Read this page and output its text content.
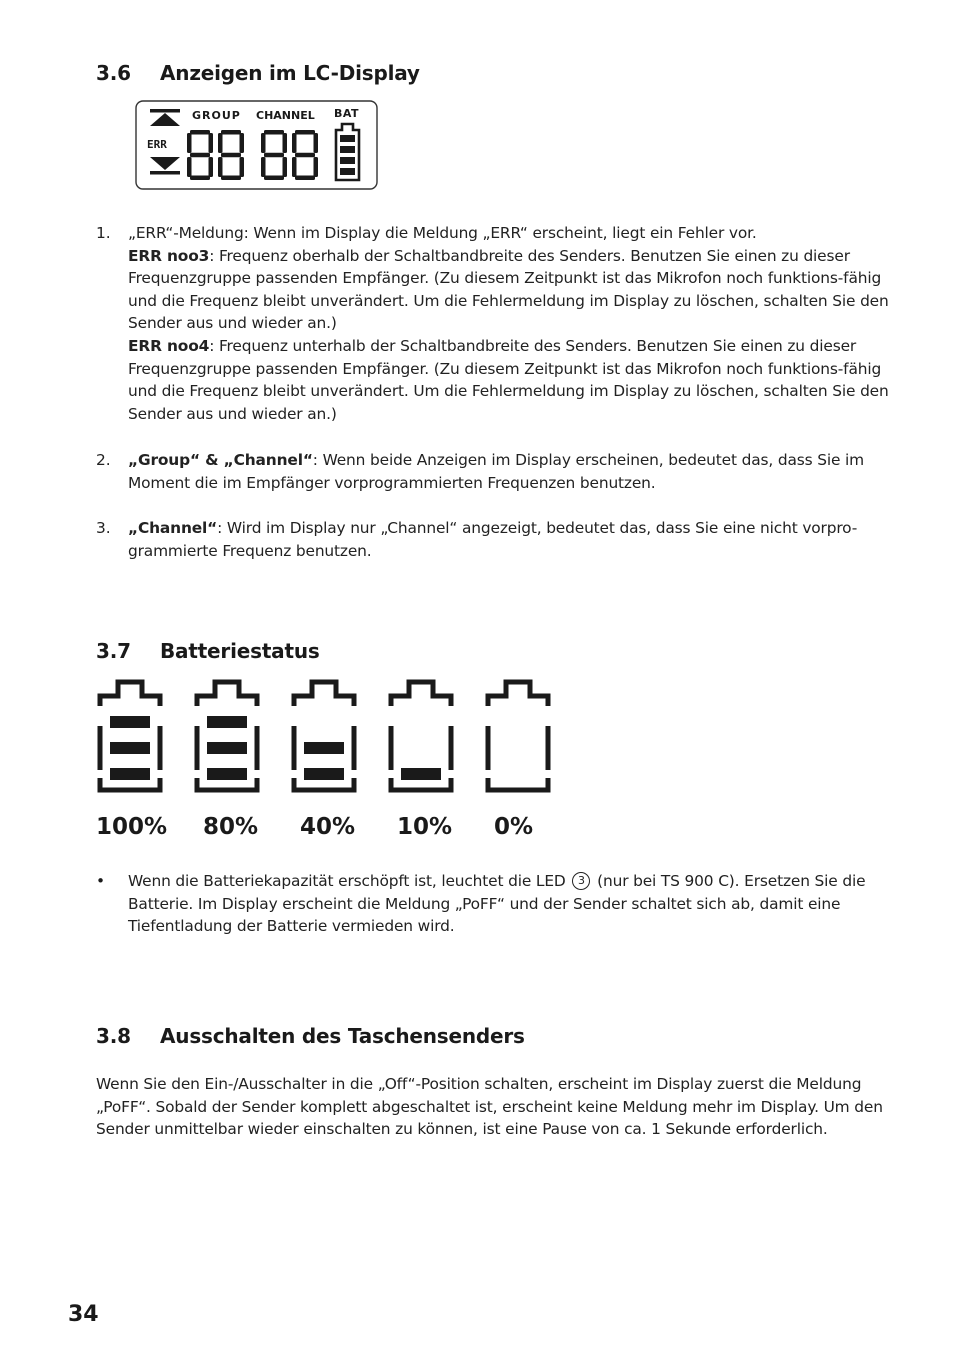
3.6 Anzeigen im LC-Display
ERR
GROUP CHANNEL BAT
1. „ERR“-Meldung: Wenn im Display die Meldung „ERR“ erscheint, liegt ein Fehler vor.

ERR noo3: Frequenz oberhalb der Schaltbandbreite des Senders. Benutzen Sie einen zu dieser Frequenzgruppe passenden Empfänger. (Zu diesem Zeitpunkt ist das Mikrofon noch funktions-fähig und die Frequenz bleibt unverändert. Um die Fehlermeldung im Display zu löschen, schalten Sie den Sender aus und wieder an.)

ERR noo4: Frequenz unterhalb der Schaltbandbreite des Senders. Benutzen Sie einen zu dieser Frequenzgruppe passenden Empfänger. (Zu diesem Zeitpunkt ist das Mikrofon noch funktions-fähig und die Frequenz bleibt unverändert. Um die Fehlermeldung im Display zu löschen, schalten Sie den Sender aus und wieder an.)

2. „Group“ & „Channel“: Wenn beide Anzeigen im Display erscheinen, bedeutet das, dass Sie im Moment die im Empfänger vorprogrammierten Frequenzen benutzen.

3. „Channel“: Wird im Display nur „Channel“ angezeigt, bedeutet das, dass Sie eine nicht vorpro-grammierte Frequenz benutzen.

3.7 Batteriestatus
100% 80% 40% 10% 0%
• Wenn die Batteriekapazität erschöpft ist, leuchtet die LED 3 (nur bei TS 900 C). Ersetzen Sie die Batterie. Im Display erscheint die Meldung „PoFF“ und der Sender schaltet sich ab, damit eine Tiefentladung der Batterie vermieden wird.

3.8 Ausschalten des Taschensenders
Wenn Sie den Ein-/Ausschalter in die „Off“-Position schalten, erscheint im Display zuerst die Meldung „PoFF“. Sobald der Sender komplett abgeschaltet ist, erscheint keine Meldung mehr im Display. Um den Sender unmittelbar wieder einschalten zu können, ist eine Pause von ca. 1 Sekunde erforderlich.
34
